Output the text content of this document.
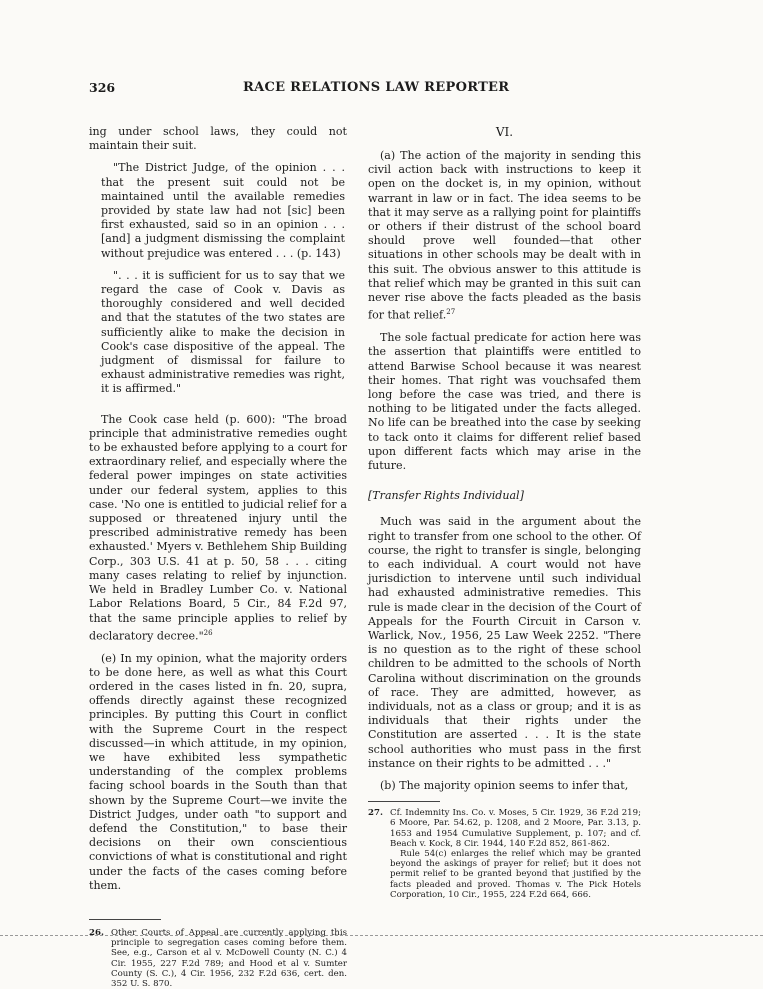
326	RACE RELATIONS LAW REPORTER

ing under school laws, they could not maintain their suit.

"The District Judge, of the opinion . . . that the present suit could not be maintained until the available remedies provided by state law had not [sic] been first exhausted, said so in an opinion . . . [and] a judgment dismissing the complaint without prejudice was entered . . . (p. 143)

". . . it is sufficient for us to say that we regard the case of Cook v. Davis as thoroughly considered and well decided and that the statutes of the two states are sufficiently alike to make the decision in Cook's case dispositive of the appeal. The judgment of dismissal for failure to exhaust administrative remedies was right, it is affirmed."

The Cook case held (p. 600): "The broad principle that administrative remedies ought to be exhausted before applying to a court for extraordinary relief, and especially where the federal power impinges on state activities under our federal system, applies to this case. 'No one is entitled to judicial relief for a supposed or threatened injury until the prescribed administrative remedy has been exhausted.' Myers v. Bethlehem Ship Building Corp., 303 U.S. 41 at p. 50, 58 . . . citing many cases relating to relief by injunction. We held in Bradley Lumber Co. v. National Labor Relations Board, 5 Cir., 84 F.2d 97, that the same principle applies to relief by declaratory decree."$^{26}$

(e) In my opinion, what the majority orders to be done here, as well as what this Court ordered in the cases listed in fn. 20, supra, offends directly against these recognized principles. By putting this Court in conflict with the Supreme Court in the respect discussed—in which attitude, in my opinion, we have exhibited less sympathetic understanding of the complex problems facing school boards in the South than that shown by the Supreme Court—we invite the District Judges, under oath "to support and defend the Constitution," to base their decisions on their own conscientious convictions of what is constitutional and right under the facts of the cases coming before them.

26. Other Courts of Appeal are currently applying this principle to segregation cases coming before them. See, e.g., Carson et al v. McDowell County (N. C.) 4 Cir. 1955, 227 F.2d 789; and Hood et al v. Sumter County (S. C.), 4 Cir. 1956, 232 F.2d 636, cert. den. 352 U. S. 870.
VI.

(a) The action of the majority in sending this civil action back with instructions to keep it open on the docket is, in my opinion, without warrant in law or in fact. The idea seems to be that it may serve as a rallying point for plaintiffs or others if their distrust of the school board should prove well founded—that other situations in other schools may be dealt with in this suit. The obvious answer to this attitude is that relief which may be granted in this suit can never rise above the facts pleaded as the basis for that relief.$^{27}$

The sole factual predicate for action here was the assertion that plaintiffs were entitled to attend Barwise School because it was nearest their homes. That right was vouchsafed them long before the case was tried, and there is nothing to be litigated under the facts alleged. No life can be breathed into the case by seeking to tack onto it claims for different relief based upon different facts which may arise in the future.

[Transfer Rights Individual]

Much was said in the argument about the right to transfer from one school to the other. Of course, the right to transfer is single, belonging to each individual. A court would not have jurisdiction to intervene until such individual had exhausted administrative remedies. This rule is made clear in the decision of the Court of Appeals for the Fourth Circuit in Carson v. Warlick, Nov., 1956, 25 Law Week 2252. "There is no question as to the right of these school children to be admitted to the schools of North Carolina without discrimination on the grounds of race. They are admitted, however, as individuals, not as a class or group; and it is as individuals that their rights under the Constitution are asserted . . . It is the state school authorities who must pass in the first instance on their rights to be admitted . . ."

(b) The majority opinion seems to infer that,

27. Cf. Indemnity Ins. Co. v. Moses, 5 Cir. 1929, 36 F.2d 219; 6 Moore, Par. 54.62, p. 1208, and 2 Moore, Par. 3.13, p. 1653 and 1954 Cumulative Supplement, p. 107; and cf. Beach v. Kock, 8 Cir. 1944, 140 F.2d 852, 861-862.

Rule 54(c) enlarges the relief which may be granted beyond the askings of prayer for relief; but it does not permit relief to be granted beyond that justified by the facts pleaded and proved. Thomas v. The Pick Hotels Corporation, 10 Cir., 1955, 224 F.2d 664, 666.
